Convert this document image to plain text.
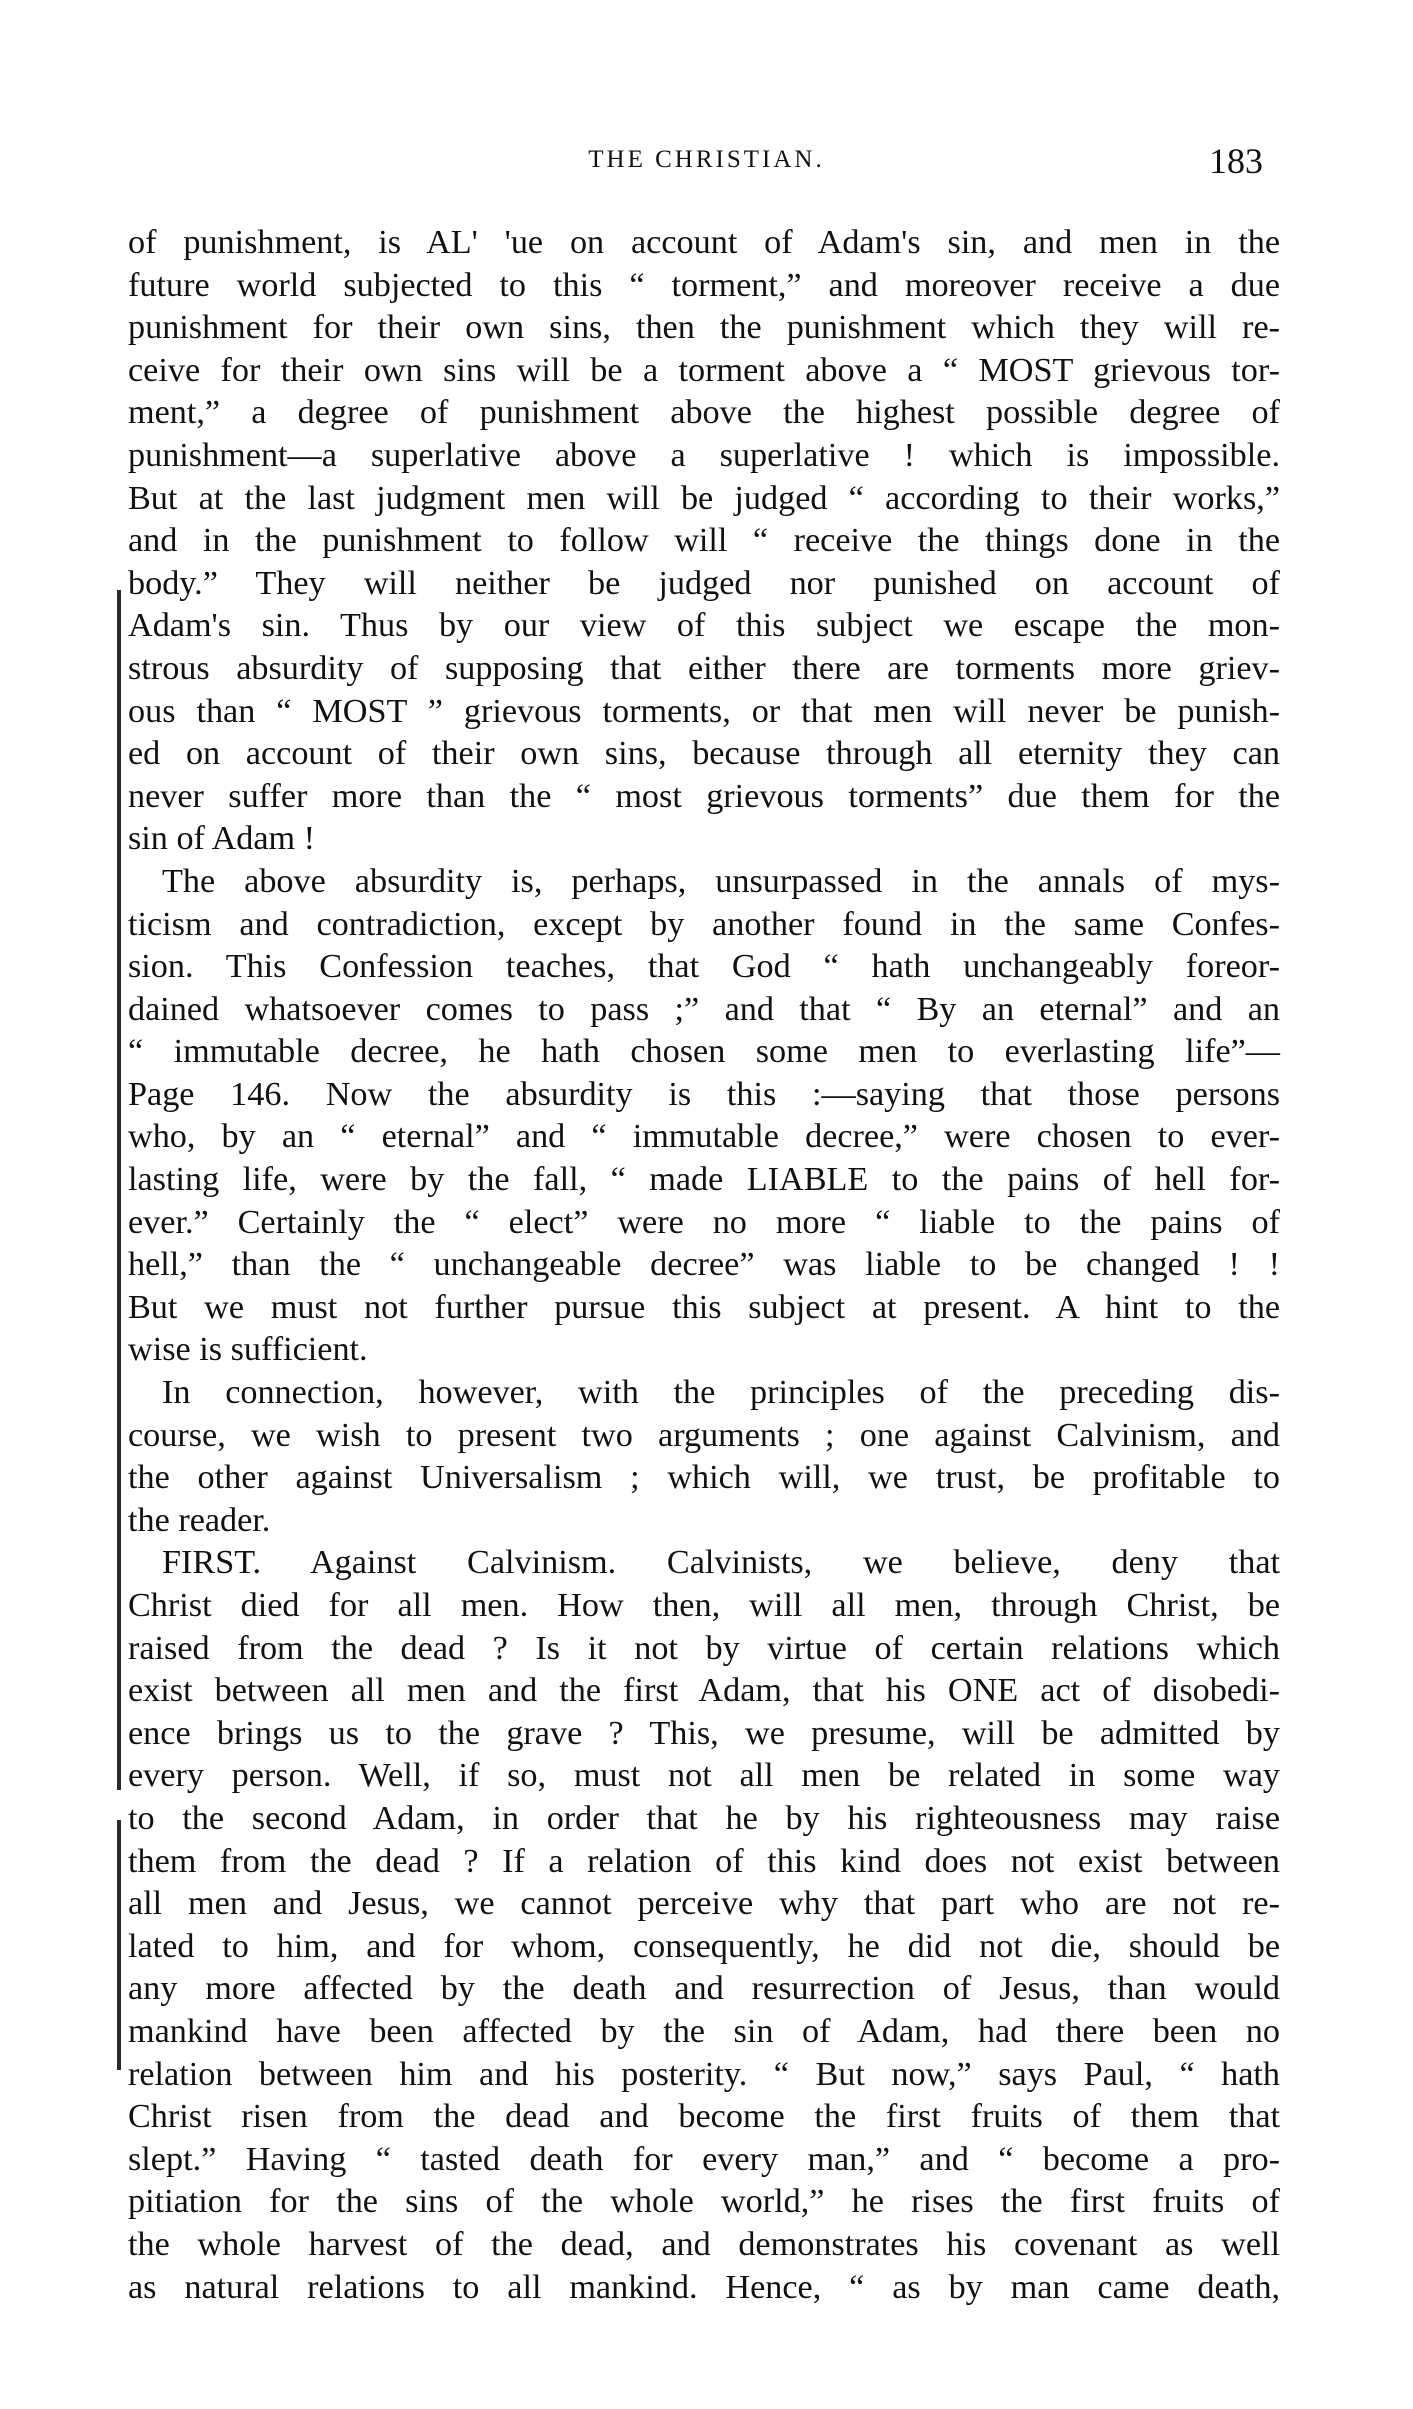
THE CHRISTIAN.	183
of punishment, is AL' 'ue on account of Adam's sin, and men in the
future world subjected to this “ torment,” and moreover receive a due
punishment for their own sins, then the punishment which they will re-
ceive for their own sins will be a torment above a “ MOST grievous tor-
ment,” a degree of punishment above the highest possible degree of
punishment—a superlative above a superlative ! which is impossible.
But at the last judgment men will be judged “ according to their works,”
and in the punishment to follow will “ receive the things done in the
body.” They will neither be judged nor punished on account of
Adam's sin. Thus by our view of this subject we escape the mon-
strous absurdity of supposing that either there are torments more griev-
ous than “ MOST ” grievous torments, or that men will never be punish-
ed on account of their own sins, because through all eternity they can
never suffer more than the “ most grievous torments” due them for the
sin of Adam !
The above absurdity is, perhaps, unsurpassed in the annals of mys-
ticism and contradiction, except by another found in the same Confes-
sion. This Confession teaches, that God “ hath unchangeably foreor-
dained whatsoever comes to pass ;” and that “ By an eternal” and an
“ immutable decree, he hath chosen some men to everlasting life”—
Page 146. Now the absurdity is this :—saying that those persons
who, by an “ eternal” and “ immutable decree,” were chosen to ever-
lasting life, were by the fall, “ made LIABLE to the pains of hell for-
ever.” Certainly the “ elect” were no more “ liable to the pains of
hell,” than the “ unchangeable decree” was liable to be changed ! !
But we must not further pursue this subject at present. A hint to the
wise is sufficient.
In connection, however, with the principles of the preceding dis-
course, we wish to present two arguments ; one against Calvinism, and
the other against Universalism ; which will, we trust, be profitable to
the reader.
FIRST. Against Calvinism. Calvinists, we believe, deny that
Christ died for all men. How then, will all men, through Christ, be
raised from the dead ? Is it not by virtue of certain relations which
exist between all men and the first Adam, that his ONE act of disobedi-
ence brings us to the grave ? This, we presume, will be admitted by
every person. Well, if so, must not all men be related in some way
to the second Adam, in order that he by his righteousness may raise
them from the dead ? If a relation of this kind does not exist between
all men and Jesus, we cannot perceive why that part who are not re-
lated to him, and for whom, consequently, he did not die, should be
any more affected by the death and resurrection of Jesus, than would
mankind have been affected by the sin of Adam, had there been no
relation between him and his posterity. “ But now,” says Paul, “ hath
Christ risen from the dead and become the first fruits of them that
slept.” Having “ tasted death for every man,” and “ become a pro-
pitiation for the sins of the whole world,” he rises the first fruits of
the whole harvest of the dead, and demonstrates his covenant as well
as natural relations to all mankind. Hence, “ as by man came death,
